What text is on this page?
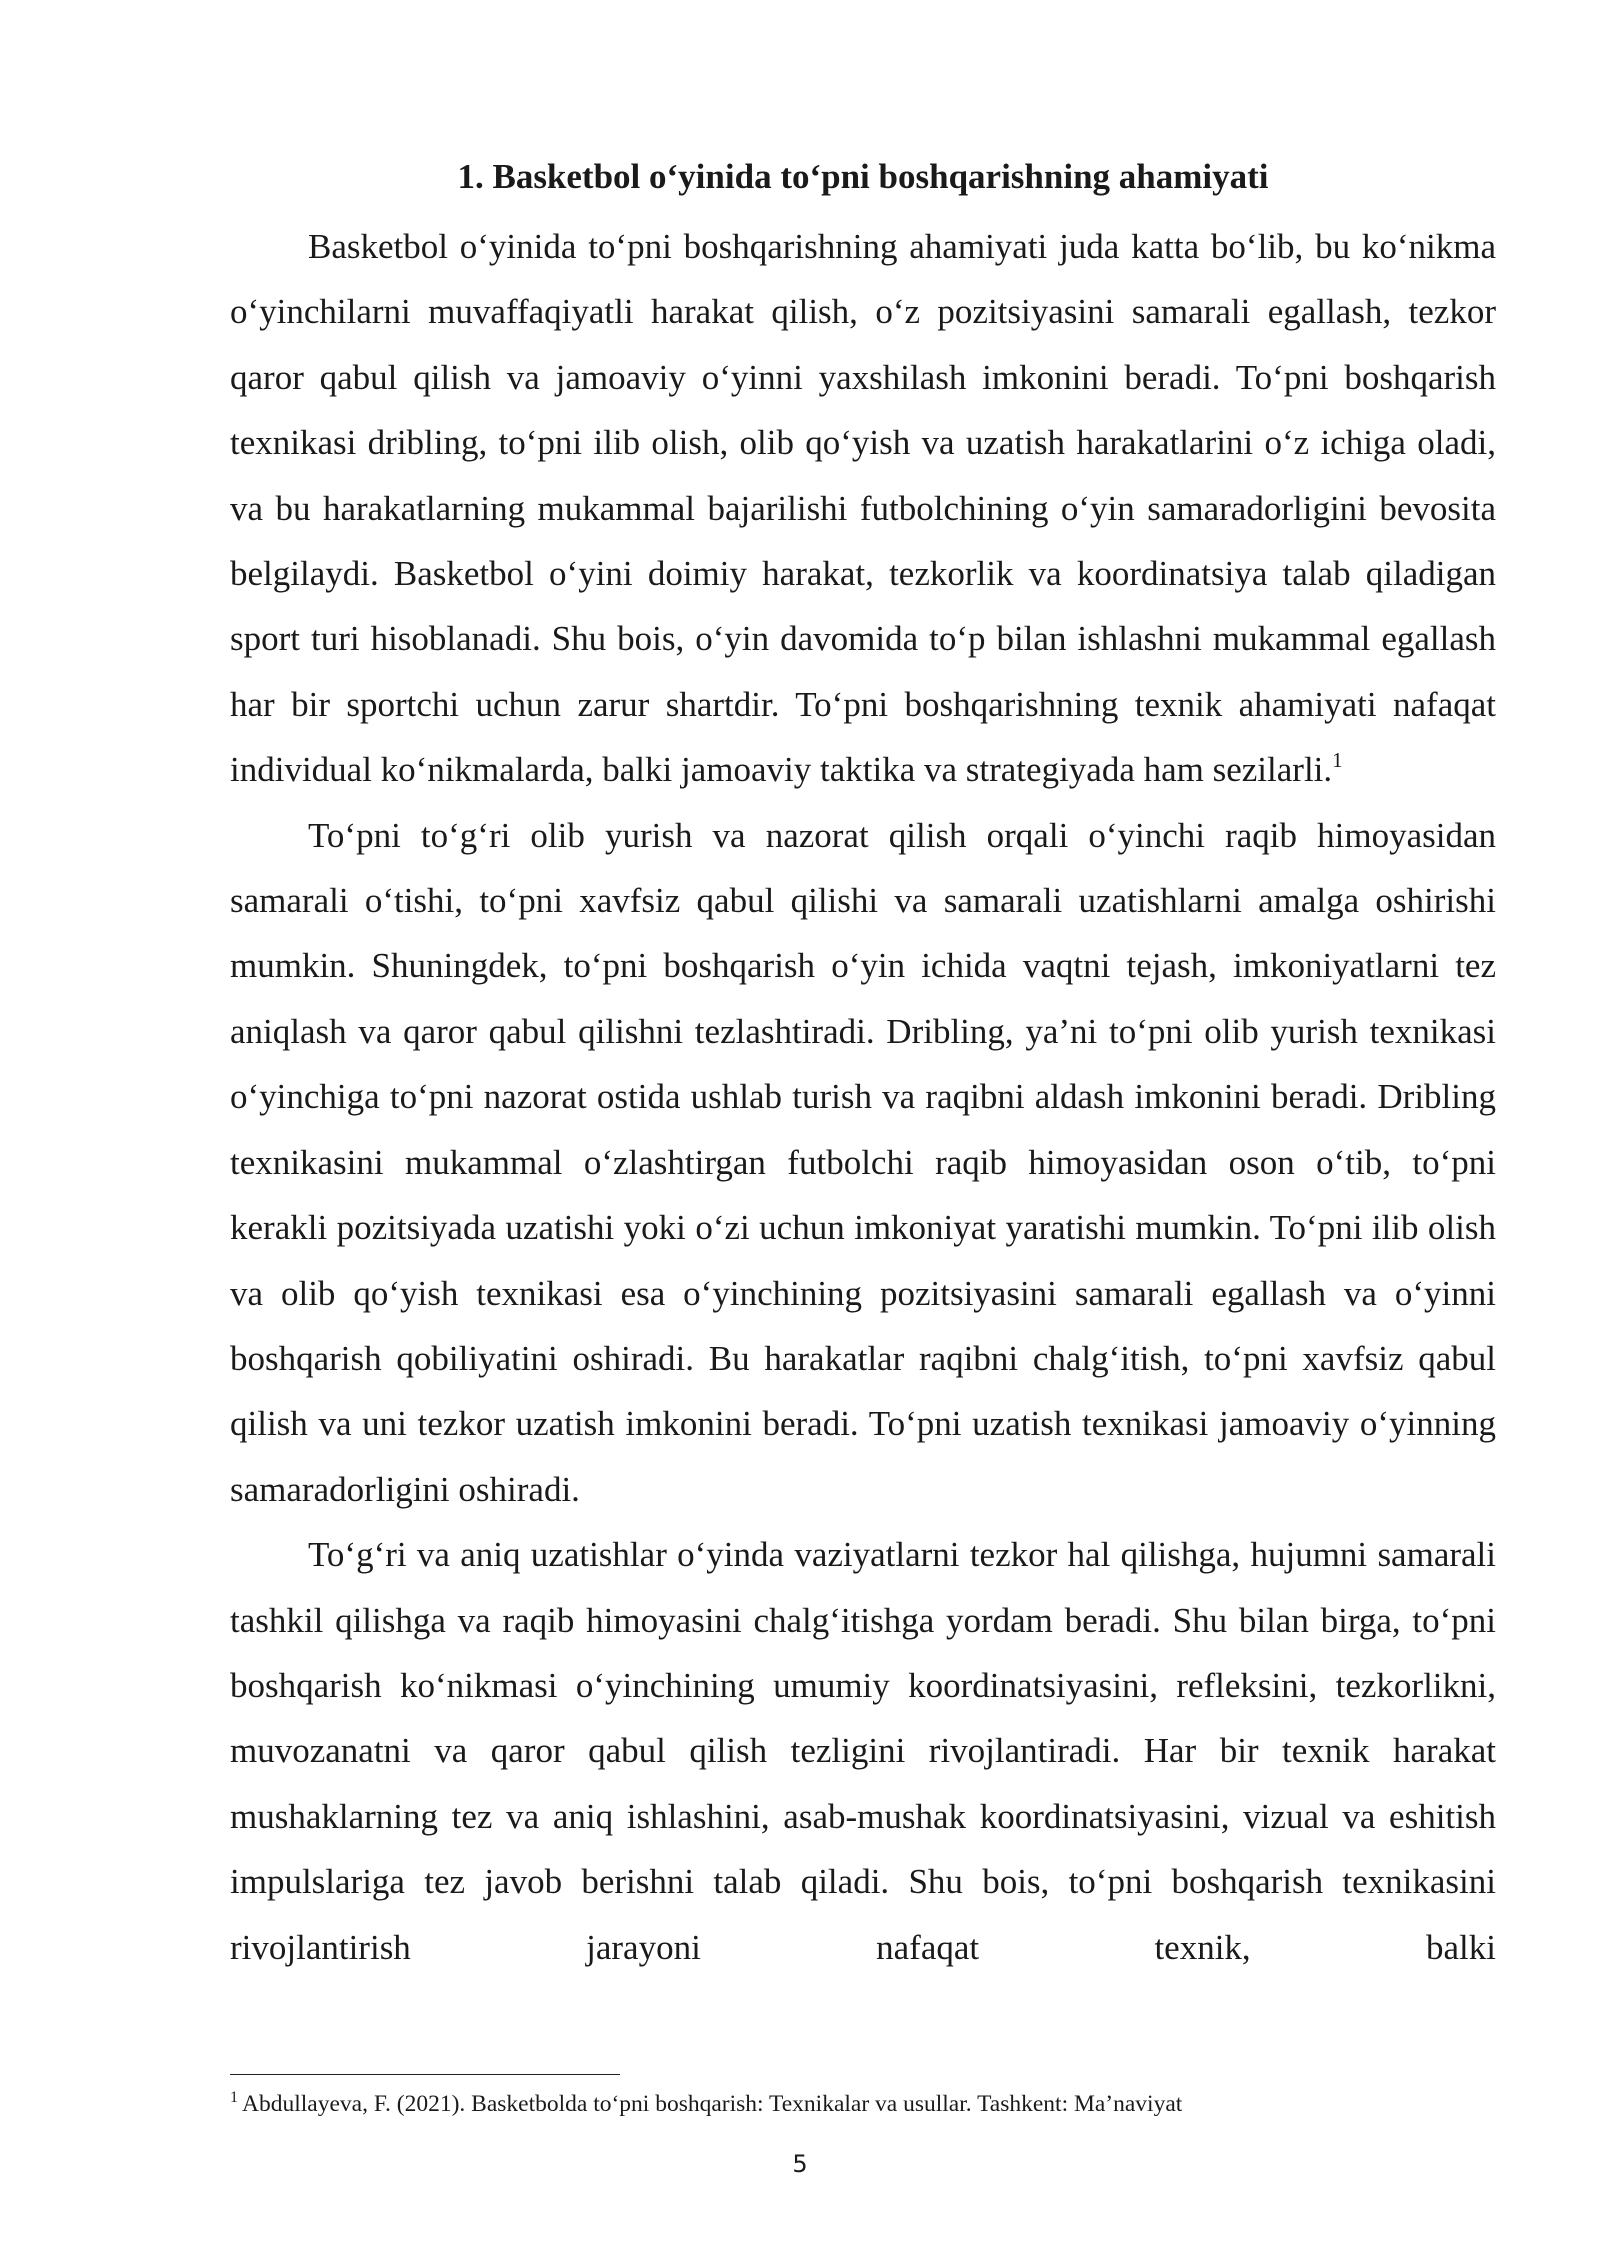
1. Basketbol o‘yinida to‘pni boshqarishning ahamiyati

Basketbol o‘yinida to‘pni boshqarishning ahamiyati juda katta bo‘lib, bu ko‘nikma o‘yinchilarni muvaffaqiyatli harakat qilish, o‘z pozitsiyasini samarali egallash, tezkor qaror qabul qilish va jamoaviy o‘yinni yaxshilash imkonini beradi. To‘pni boshqarish texnikasi dribling, to‘pni ilib olish, olib qo‘yish va uzatish harakatlarini o‘z ichiga oladi, va bu harakatlarning mukammal bajarilishi futbolchining o‘yin samaradorligini bevosita belgilaydi. Basketbol o‘yini doimiy harakat, tezkorlik va koordinatsiya talab qiladigan sport turi hisoblanadi. Shu bois, o‘yin davomida to‘p bilan ishlashni mukammal egallash har bir sportchi uchun zarur shartdir. To‘pni boshqarishning texnik ahamiyati nafaqat individual ko‘nikmalarda, balki jamoaviy taktika va strategiyada ham sezilarli.$^1$

To‘pni to‘g‘ri olib yurish va nazorat qilish orqali o‘yinchi raqib himoyasidan samarali o‘tishi, to‘pni xavfsiz qabul qilishi va samarali uzatishlarni amalga oshirishi mumkin. Shuningdek, to‘pni boshqarish o‘yin ichida vaqtni tejash, imkoniyatlarni tez aniqlash va qaror qabul qilishni tezlashtiradi. Dribling, ya’ni to‘pni olib yurish texnikasi o‘yinchiga to‘pni nazorat ostida ushlab turish va raqibni aldash imkonini beradi. Dribling texnikasini mukammal o‘zlashtirgan futbolchi raqib himoyasidan oson o‘tib, to‘pni kerakli pozitsiyada uzatishi yoki o‘zi uchun imkoniyat yaratishi mumkin. To‘pni ilib olish va olib qo‘yish texnikasi esa o‘yinchining pozitsiyasini samarali egallash va o‘yinni boshqarish qobiliyatini oshiradi. Bu harakatlar raqibni chalg‘itish, to‘pni xavfsiz qabul qilish va uni tezkor uzatish imkonini beradi. To‘pni uzatish texnikasi jamoaviy o‘yinning samaradorligini oshiradi.

To‘g‘ri va aniq uzatishlar o‘yinda vaziyatlarni tezkor hal qilishga, hujumni samarali tashkil qilishga va raqib himoyasini chalg‘itishga yordam beradi. Shu bilan birga, to‘pni boshqarish ko‘nikmasi o‘yinchining umumiy koordinatsiyasini, refleksini, tezkorlikni, muvozanatni va qaror qabul qilish tezligini rivojlantiradi. Har bir texnik harakat mushaklarning tez va aniq ishlashini, asab-mushak koordinatsiyasini, vizual va eshitish impulslariga tez javob berishni talab qiladi. Shu bois, to‘pni boshqarish texnikasini rivojlantirish jarayoni nafaqat texnik, balki

$^1$ Abdullayeva, F. (2021). Basketbolda to‘pni boshqarish: Texnikalar va usullar. Tashkent: Ma’naviyat

5
